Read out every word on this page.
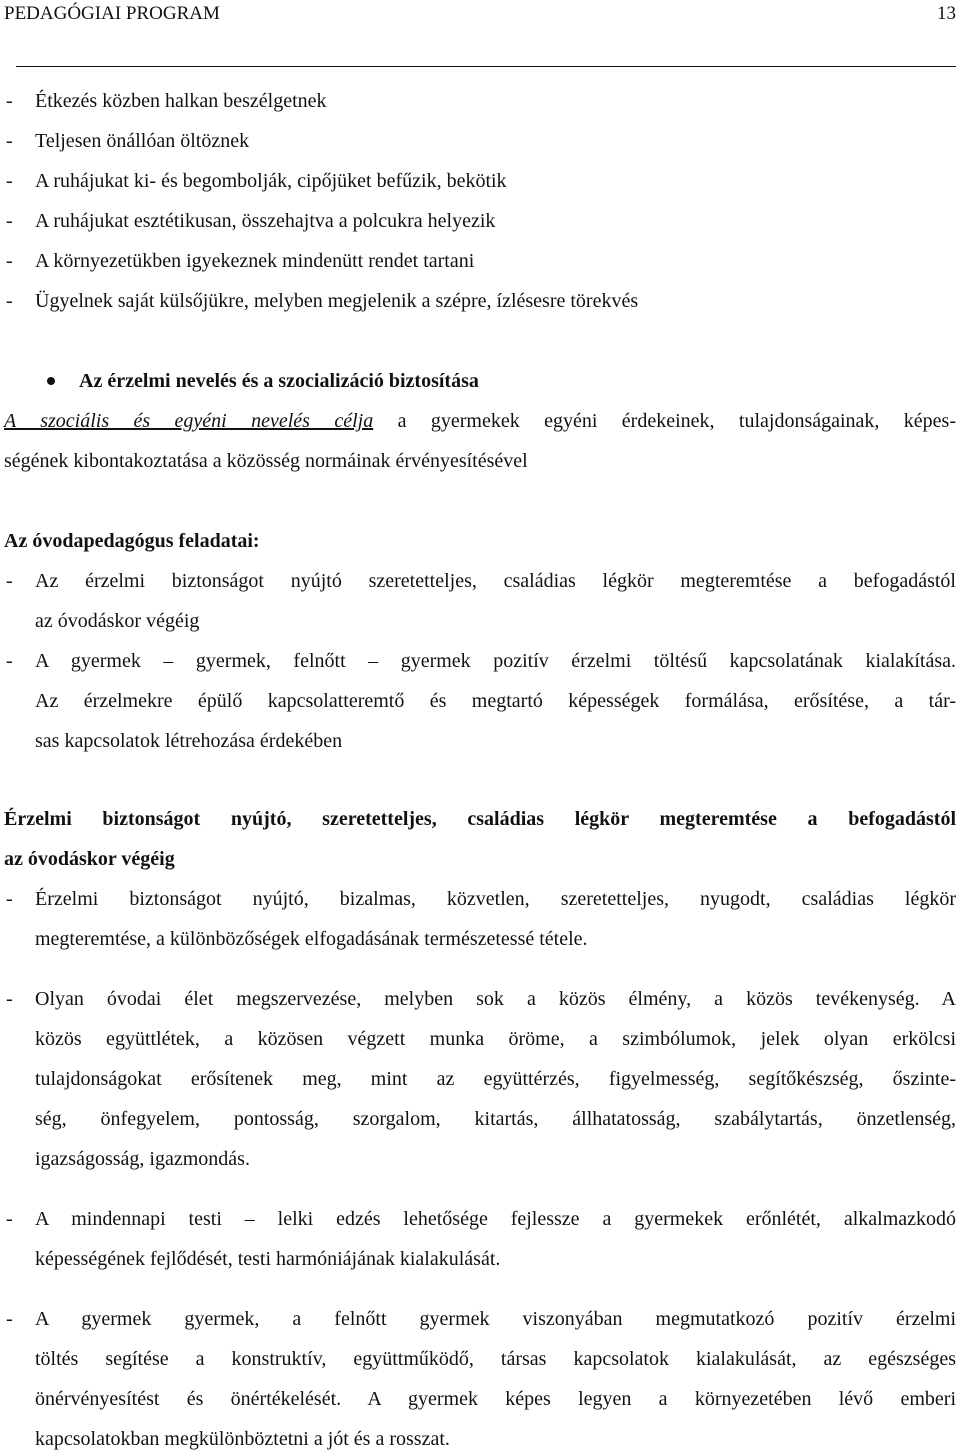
PEDAGÓGIAI PROGRAM	13
- Étkezés közben halkan beszélgetnek
- Teljesen önállóan öltöznek
- A ruhájukat ki- és begombolják, cipőjüket befűzik, bekötik
- A ruhájukat esztétikusan, összehajtva a polcukra helyezik
- A környezetükben igyekeznek mindenütt rendet tartani
- Ügyelnek saját külsőjükre, melyben megjelenik a szépre, ízlésesre törekvés
Az érzelmi nevelés és a szocializáció biztosítása
A szociális és egyéni nevelés célja a gyermekek egyéni érdekeinek, tulajdonságainak, képes-
ségének kibontakoztatása a közösség normáinak érvényesítésével
Az óvodapedagógus feladatai:
- Az érzelmi biztonságot nyújtó szeretetteljes, családias légkör megteremtése a befogadástól
az óvodáskor végéig
- A gyermek – gyermek, felnőtt – gyermek pozitív érzelmi töltésű kapcsolatának kialakítása.
Az érzelmekre épülő kapcsolatteremtő és megtartó képességek formálása, erősítése, a tár-
sas kapcsolatok létrehozása érdekében
Érzelmi biztonságot nyújtó, szeretetteljes, családias légkör megteremtése a befogadástól
az óvodáskor végéig
- Érzelmi biztonságot nyújtó, bizalmas, közvetlen, szeretetteljes, nyugodt, családias légkör
megteremtése, a különbözőségek elfogadásának természetessé tétele.
- Olyan óvodai élet megszervezése, melyben sok a közös élmény, a közös tevékenység. A
közös együttlétek, a közösen végzett munka öröme, a szimbólumok, jelek olyan erkölcsi
tulajdonságokat erősítenek meg, mint az együttérzés, figyelmesség, segítőkészség, őszinte-
ség, önfegyelem, pontosság, szorgalom, kitartás, állhatatosság, szabálytartás, önzetlenség,
igazságosság, igazmondás.
- A mindennapi testi – lelki edzés lehetősége fejlessze a gyermekek erőnlétét, alkalmazkodó
képességének fejlődését, testi harmóniájának kialakulását.
- A gyermek gyermek, a felnőtt gyermek viszonyában megmutatkozó pozitív érzelmi
töltés segítése a konstruktív, együttműködő, társas kapcsolatok kialakulását, az egészséges
önérvényesítést és önértékelését. A gyermek képes legyen a környezetében lévő emberi
kapcsolatokban megkülönböztetni a jót és a rosszat.
